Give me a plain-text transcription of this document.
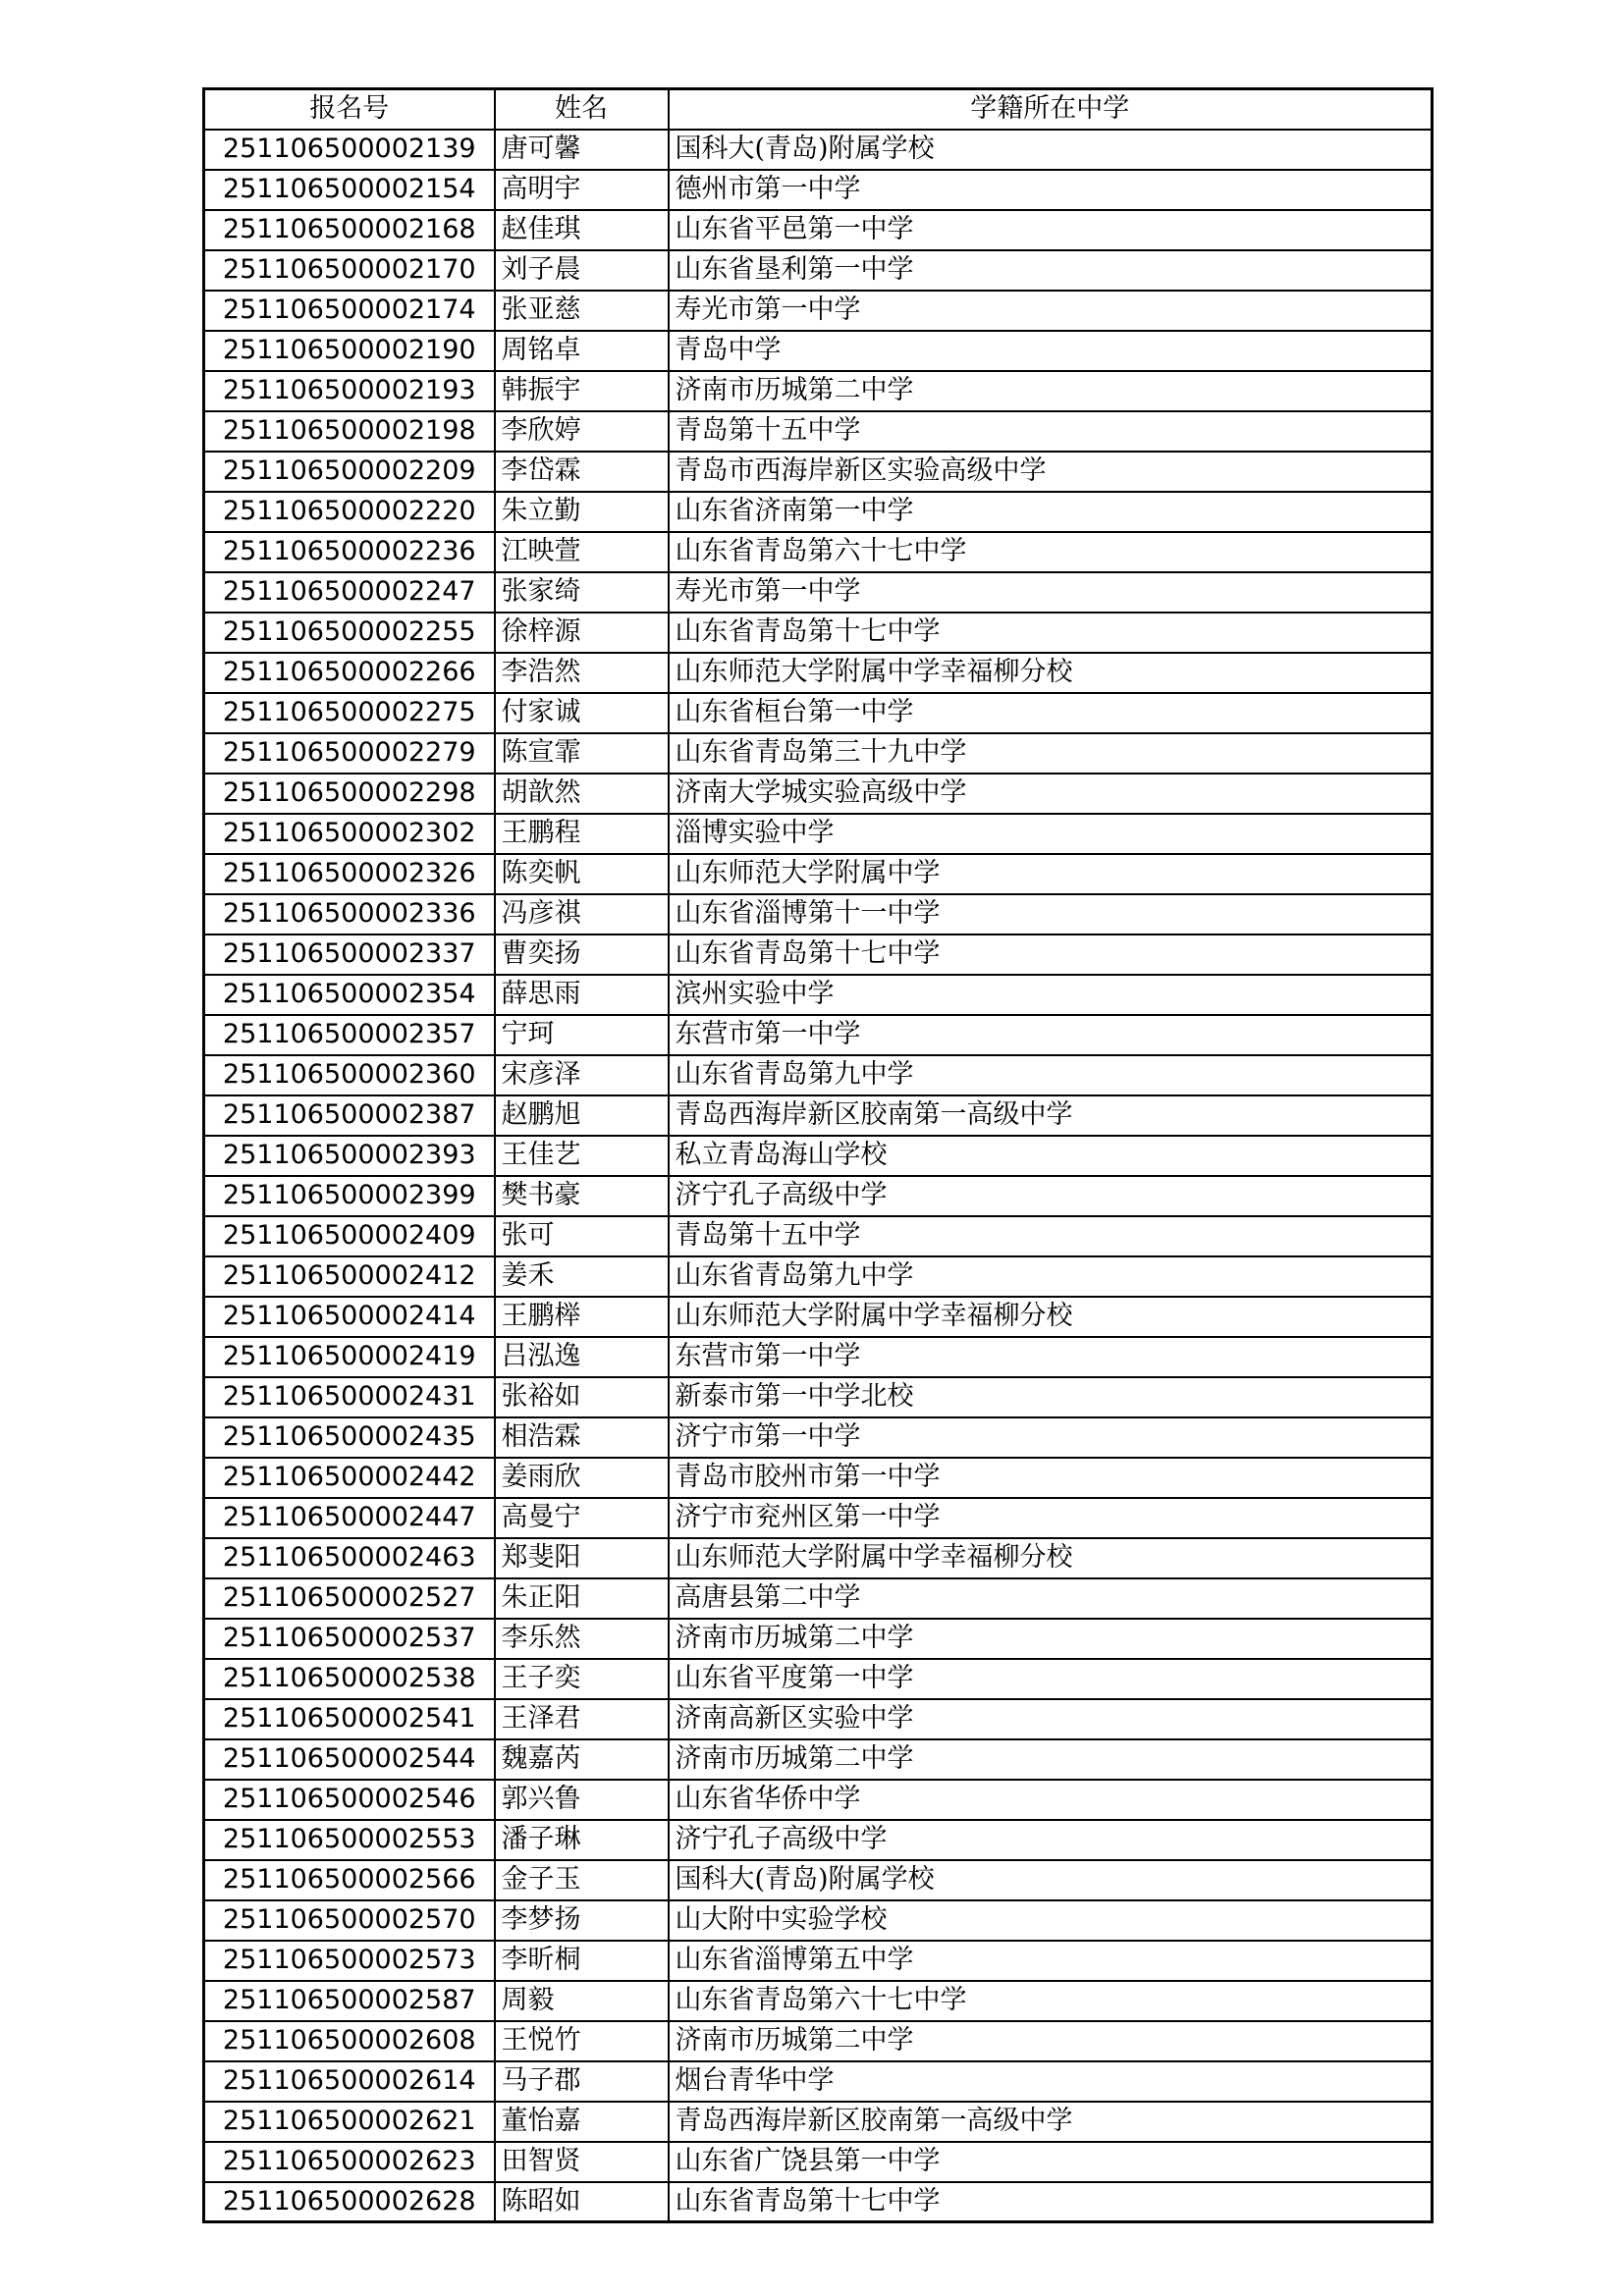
报名号	姓名	学籍所在中学
251106500002139	唐可馨	国科大(青岛)附属学校
251106500002154	高明宇	德州市第一中学
251106500002168	赵佳琪	山东省平邑第一中学
251106500002170	刘子晨	山东省垦利第一中学
251106500002174	张亚慈	寿光市第一中学
251106500002190	周铭卓	青岛中学
251106500002193	韩振宇	济南市历城第二中学
251106500002198	李欣婷	青岛第十五中学
251106500002209	李岱霖	青岛市西海岸新区实验高级中学
251106500002220	朱立勤	山东省济南第一中学
251106500002236	江映萱	山东省青岛第六十七中学
251106500002247	张家绮	寿光市第一中学
251106500002255	徐梓源	山东省青岛第十七中学
251106500002266	李浩然	山东师范大学附属中学幸福柳分校
251106500002275	付家诚	山东省桓台第一中学
251106500002279	陈宣霏	山东省青岛第三十九中学
251106500002298	胡歆然	济南大学城实验高级中学
251106500002302	王鹏程	淄博实验中学
251106500002326	陈奕帆	山东师范大学附属中学
251106500002336	冯彦祺	山东省淄博第十一中学
251106500002337	曹奕扬	山东省青岛第十七中学
251106500002354	薛思雨	滨州实验中学
251106500002357	宁珂	东营市第一中学
251106500002360	宋彦泽	山东省青岛第九中学
251106500002387	赵鹏旭	青岛西海岸新区胶南第一高级中学
251106500002393	王佳艺	私立青岛海山学校
251106500002399	樊书豪	济宁孔子高级中学
251106500002409	张可	青岛第十五中学
251106500002412	姜禾	山东省青岛第九中学
251106500002414	王鹏榉	山东师范大学附属中学幸福柳分校
251106500002419	吕泓逸	东营市第一中学
251106500002431	张裕如	新泰市第一中学北校
251106500002435	相浩霖	济宁市第一中学
251106500002442	姜雨欣	青岛市胶州市第一中学
251106500002447	高曼宁	济宁市兖州区第一中学
251106500002463	郑斐阳	山东师范大学附属中学幸福柳分校
251106500002527	朱正阳	高唐县第二中学
251106500002537	李乐然	济南市历城第二中学
251106500002538	王子奕	山东省平度第一中学
251106500002541	王泽君	济南高新区实验中学
251106500002544	魏嘉芮	济南市历城第二中学
251106500002546	郭兴鲁	山东省华侨中学
251106500002553	潘子琳	济宁孔子高级中学
251106500002566	金子玉	国科大(青岛)附属学校
251106500002570	李梦扬	山大附中实验学校
251106500002573	李昕桐	山东省淄博第五中学
251106500002587	周毅	山东省青岛第六十七中学
251106500002608	王悦竹	济南市历城第二中学
251106500002614	马子郡	烟台青华中学
251106500002621	董怡嘉	青岛西海岸新区胶南第一高级中学
251106500002623	田智贤	山东省广饶县第一中学
251106500002628	陈昭如	山东省青岛第十七中学
